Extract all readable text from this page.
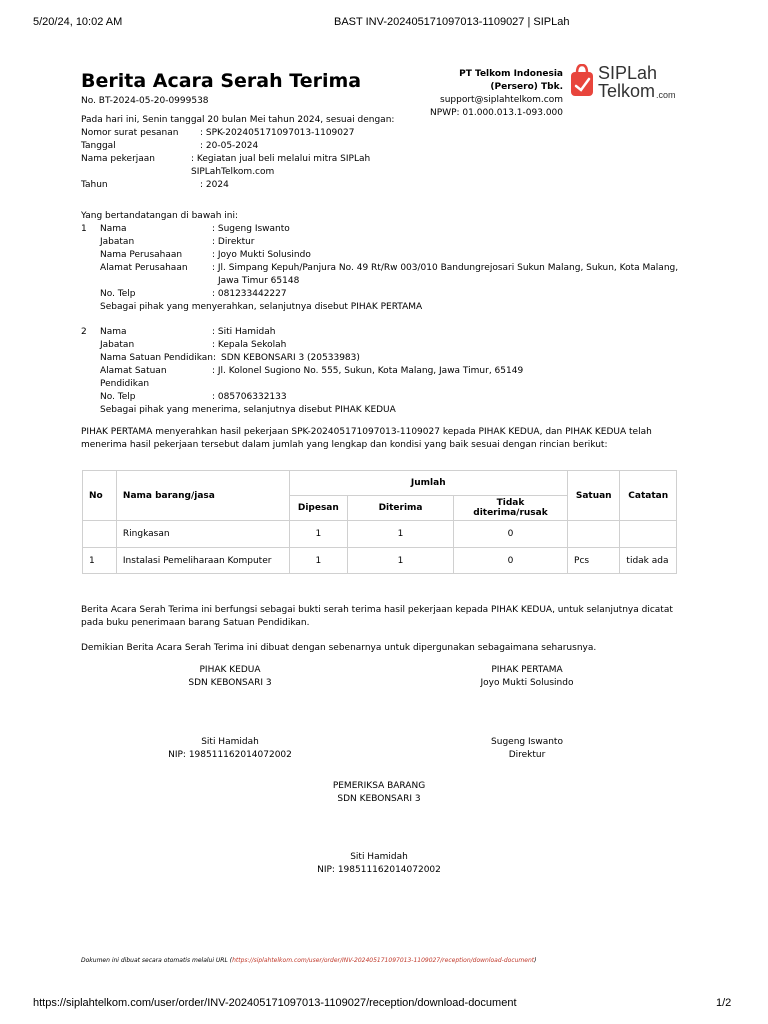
5/20/24, 10:02 AM	BAST INV-202405171097013-1109027 | SIPLah
Berita Acara Serah Terima
No. BT-2024-05-20-0999538
PT Telkom Indonesia
(Persero) Tbk.
support@siplahtelkom.com
NPWP: 01.000.013.1-093.000
SIPLah
Telkom .com
Pada hari ini, Senin tanggal 20 bulan Mei tahun 2024, sesuai dengan:
Nomor surat pesanan : SPK-202405171097013-1109027
Tanggal	: 20-05-2024
Nama pekerjaan	: Kegiatan jual beli melalui mitra SIPLah
SIPLahTelkom.com
Tahun	: 2024
Yang bertandatangan di bawah ini:
1 Nama	: Sugeng Iswanto
Jabatan	: Direktur
Nama Perusahaan	: Joyo Mukti Solusindo
Alamat Perusahaan	: Jl. Simpang Kepuh/Panjura No. 49 Rt/Rw 003/010 Bandungrejosari Sukun Malang, Sukun, Kota Malang,
Jawa Timur 65148
No. Telp	: 081233442227
Sebagai pihak yang menyerahkan, selanjutnya disebut PIHAK PERTAMA
2 Nama	: Siti Hamidah
Jabatan	: Kepala Sekolah
Nama Satuan Pendidikan: SDN KEBONSARI 3 (20533983)
Alamat Satuan
Pendidikan
: Jl. Kolonel Sugiono No. 555, Sukun, Kota Malang, Jawa Timur, 65149
No. Telp	: 085706332133
Sebagai pihak yang menerima, selanjutnya disebut PIHAK KEDUA
PIHAK PERTAMA menyerahkan hasil pekerjaan SPK-202405171097013-1109027 kepada PIHAK KEDUA, dan PIHAK KEDUA telah
menerima hasil pekerjaan tersebut dalam jumlah yang lengkap dan kondisi yang baik sesuai dengan rincian berikut:
No	Nama barang/jasa	Jumlah			Satuan	Catatan
		Dipesan	Diterima	Tidak diterima/rusak		
	Ringkasan	1	1	0		
1	Instalasi Pemeliharaan Komputer	1	1	0	Pcs	tidak ada
Berita Acara Serah Terima ini berfungsi sebagai bukti serah terima hasil pekerjaan kepada PIHAK KEDUA, untuk selanjutnya dicatat
pada buku penerimaan barang Satuan Pendidikan.
Demikian Berita Acara Serah Terima ini dibuat dengan sebenarnya untuk dipergunakan sebagaimana seharusnya.
PIHAK KEDUA
SDN KEBONSARI 3
Siti Hamidah
NIP: 198511162014072002
PIHAK PERTAMA
Joyo Mukti Solusindo
Sugeng Iswanto
Direktur
PEMERIKSA BARANG
SDN KEBONSARI 3
Siti Hamidah
NIP: 198511162014072002
Dokumen ini dibuat secara otomatis melalui URL (https://siplahtelkom.com/user/order/INV-202405171097013-1109027/reception/download-document)
https://siplahtelkom.com/user/order/INV-202405171097013-1109027/reception/download-document	1/2
